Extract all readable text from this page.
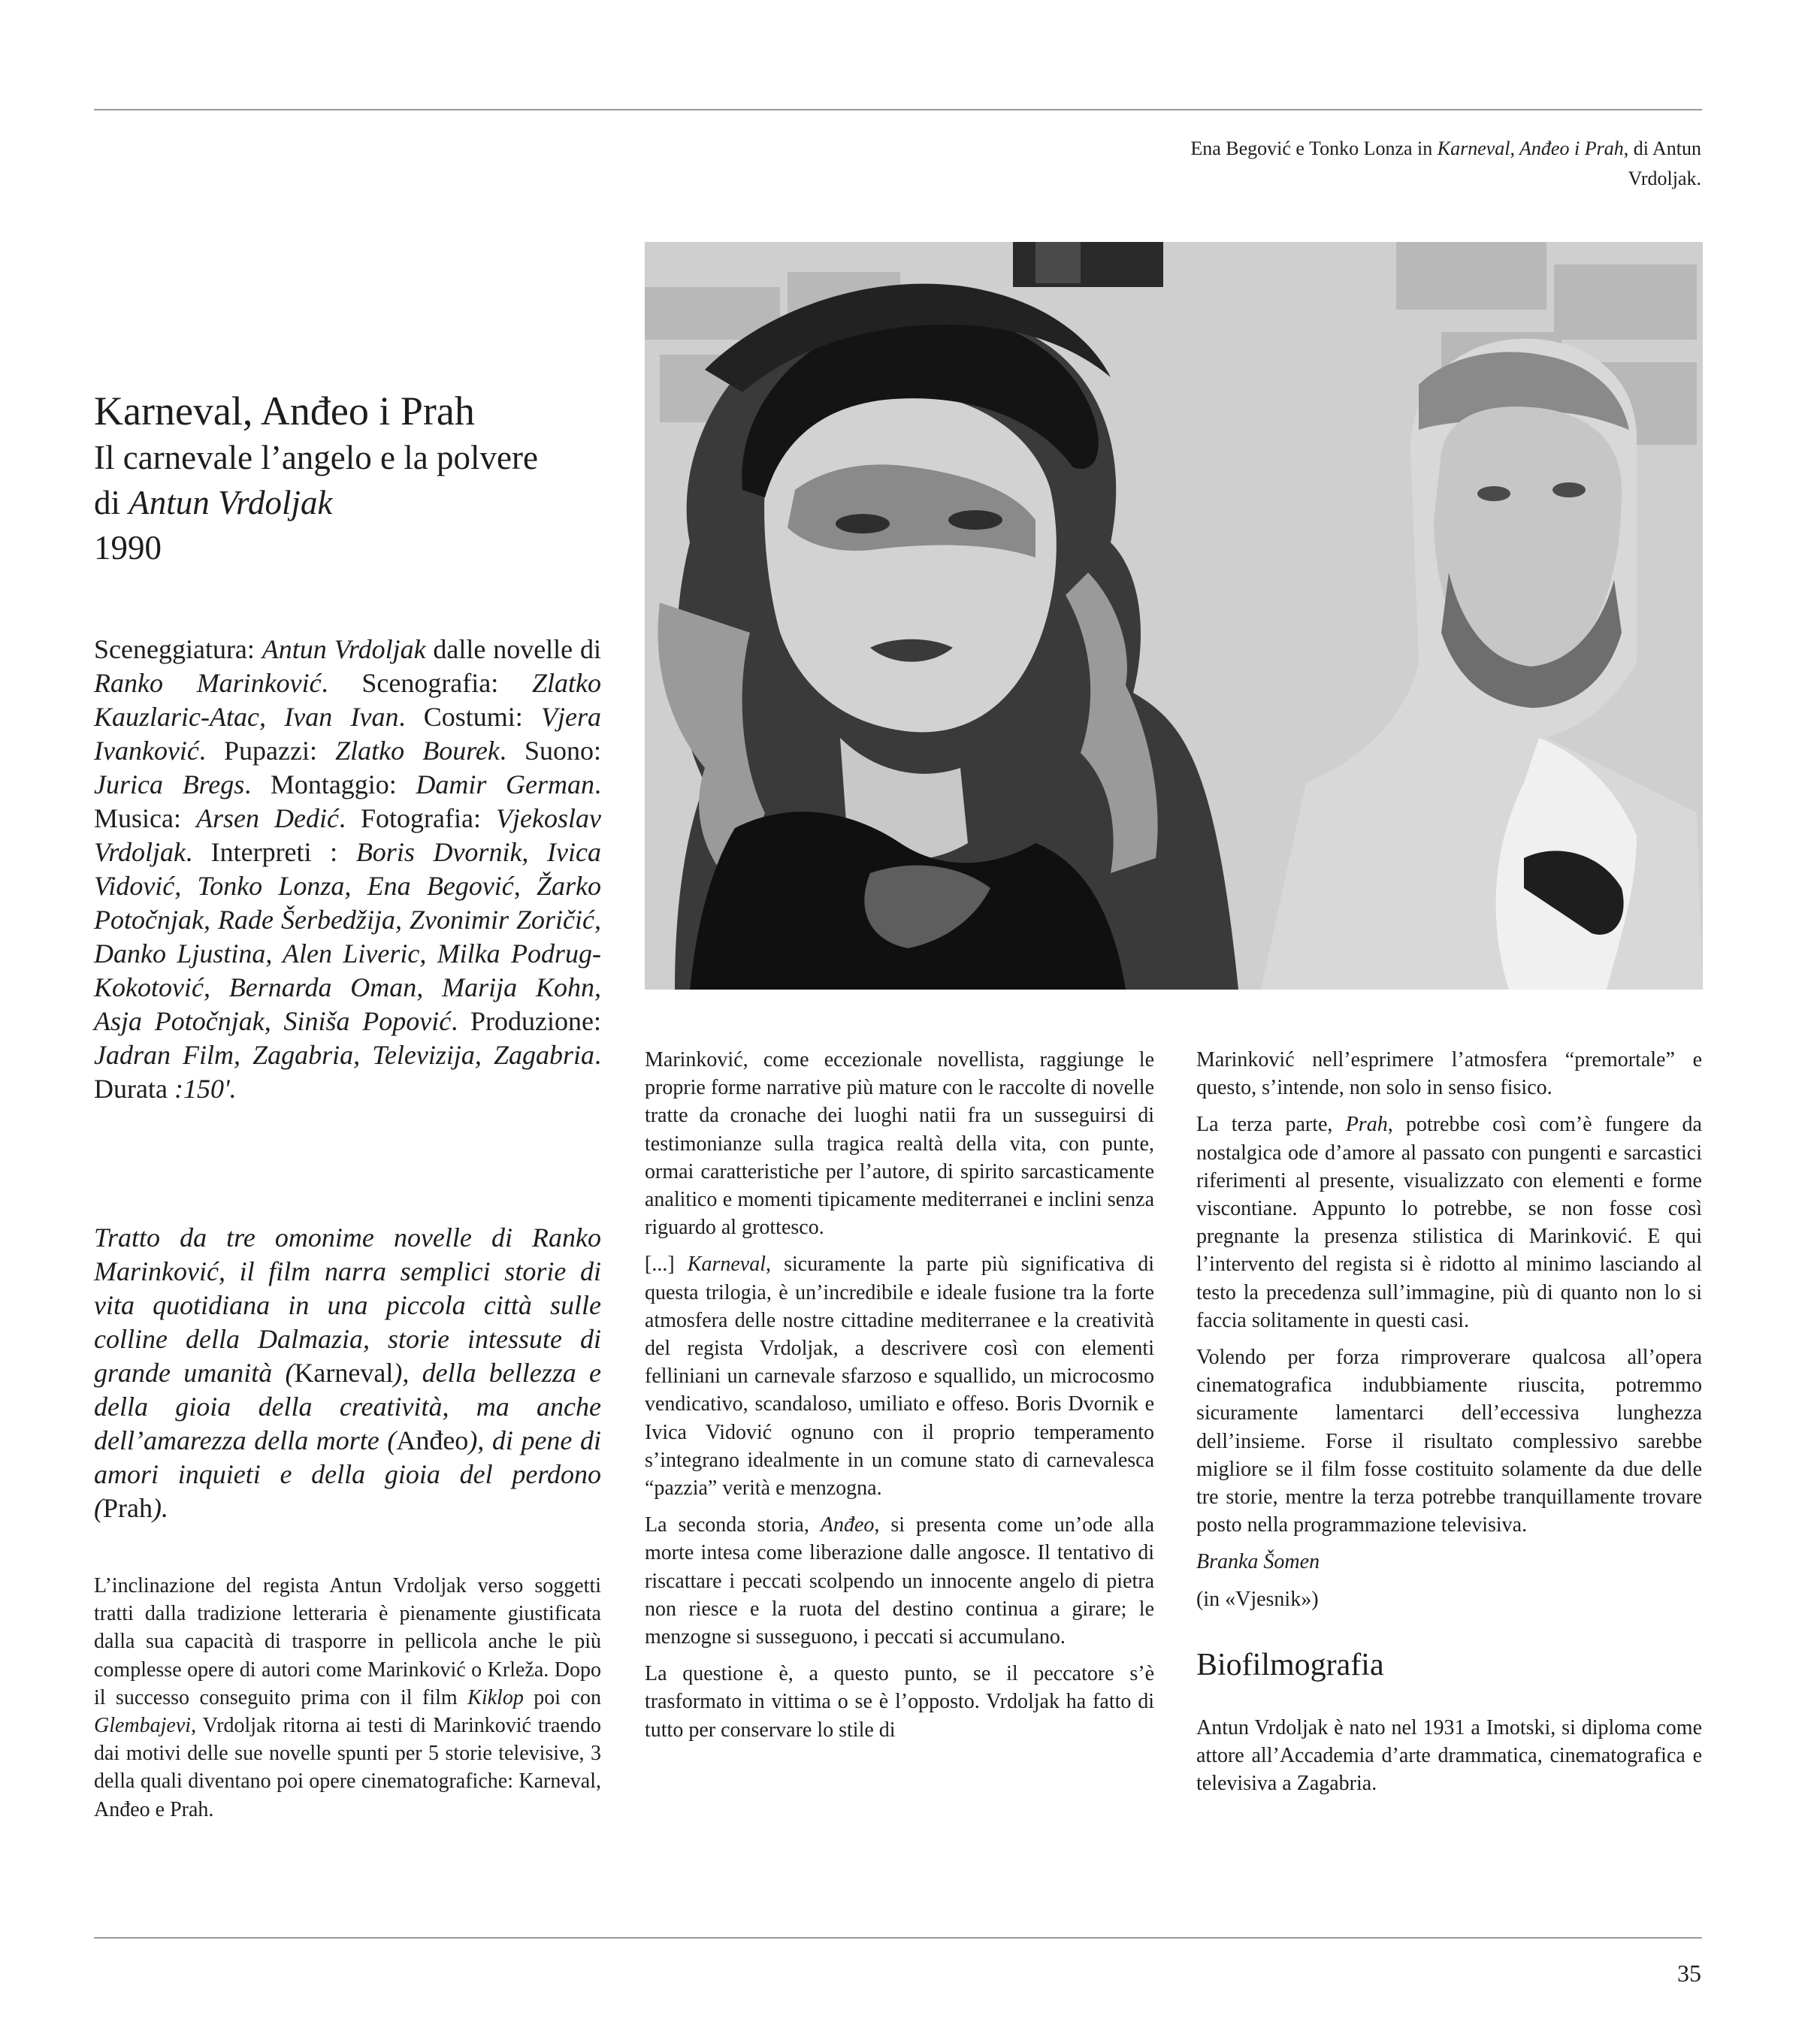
Ena Begović e Tonko Lonza in Karneval, Anđeo i Prah, di Antun Vrdoljak.
Karneval, Anđeo i Prah

Il carnevale l’angelo e la polvere

di Antun Vrdoljak

1990

Sceneggiatura: Antun Vrdoljak dalle novelle di Ranko Marinković. Scenografia: Zlatko Kauzlaric-Atac, Ivan Ivan. Costumi: Vjera Ivanković. Pupazzi: Zlatko Bourek. Suono: Jurica Bregs. Montaggio: Damir German. Musica: Arsen Dedić. Fotografia: Vjekoslav Vrdoljak. Interpreti : Boris Dvornik, Ivica Vidović, Tonko Lonza, Ena Begović, Žarko Potočnjak, Rade Šerbedžija, Zvonimir Zoričić, Danko Ljustina, Alen Liveric, Milka Podrug-Kokotović, Bernarda Oman, Marija Kohn, Asja Potočnjak, Siniša Popović. Produzione: Jadran Film, Zagabria, Televizija, Zagabria. Durata :150'.

Tratto da tre omonime novelle di Ranko Marinković, il film narra semplici storie di vita quotidiana in una piccola città sulle colline della Dalmazia, storie intessute di grande umanità (Karneval), della bellezza e della gioia della creatività, ma anche dell’amarezza della morte (Anđeo), di pene di amori inquieti e della gioia del perdono (Prah).

L’inclinazione del regista Antun Vrdoljak verso soggetti tratti dalla tradizione letteraria è pienamente giustificata dalla sua capacità di trasporre in pellicola anche le più complesse opere di autori come Marinković o Krleža. Dopo il successo conseguito prima con il film Kiklop poi con Glembajevi, Vrdoljak ritorna ai testi di Marinković traendo dai motivi delle sue novelle spunti per 5 storie televisive, 3 della quali diventano poi opere cinematografiche: Karneval, Anđeo e Prah.

Marinković, come eccezionale novellista, raggiunge le proprie forme narrative più mature con le raccolte di novelle tratte da cronache dei luoghi natii fra un susseguirsi di testimonianze sulla tragica realtà della vita, con punte, ormai caratteristiche per l’autore, di spirito sarcasticamente analitico e momenti tipicamente mediterranei e inclini senza riguardo al grottesco.

[...] Karneval, sicuramente la parte più significativa di questa trilogia, è un’incredibile e ideale fusione tra la forte atmosfera delle nostre cittadine mediterranee e la creatività del regista Vrdoljak, a descrivere così con elementi felliniani un carnevale sfarzoso e squallido, un microcosmo vendicativo, scandaloso, umiliato e offeso. Boris Dvornik e Ivica Vidović ognuno con il proprio temperamento s’integrano idealmente in un comune stato di carnevalesca “pazzia” verità e menzogna.

La seconda storia, Anđeo, si presenta come un’ode alla morte intesa come liberazione dalle angosce. Il tentativo di riscattare i peccati scolpendo un innocente angelo di pietra non riesce e la ruota del destino continua a girare; le menzogne si susseguono, i peccati si accumulano.

La questione è, a questo punto, se il peccatore s’è trasformato in vittima o se è l’opposto. Vrdoljak ha fatto di tutto per conservare lo stile di

Marinković nell’esprimere l’atmosfera “premortale” e questo, s’intende, non solo in senso fisico.

La terza parte, Prah, potrebbe così com’è fungere da nostalgica ode d’amore al passato con pungenti e sarcastici riferimenti al presente, visualizzato con elementi e forme viscontiane. Appunto lo potrebbe, se non fosse così pregnante la presenza stilistica di Marinković. E qui l’intervento del regista si è ridotto al minimo lasciando al testo la precedenza sull’immagine, più di quanto non lo si faccia solitamente in questi casi.

Volendo per forza rimproverare qualcosa all’opera cinematografica indubbiamente riuscita, potremmo sicuramente lamentarci dell’eccessiva lunghezza dell’insieme. Forse il risultato complessivo sarebbe migliore se il film fosse costituito solamente da due delle tre storie, mentre la terza potrebbe tranquillamente trovare posto nella programmazione televisiva.

Branka Šomen

(in «Vjesnik»)

Biofilmografia

Antun Vrdoljak è nato nel 1931 a Imotski, si diploma come attore all’Accademia d’arte drammatica, cinematografica e televisiva a Zagabria.

35
